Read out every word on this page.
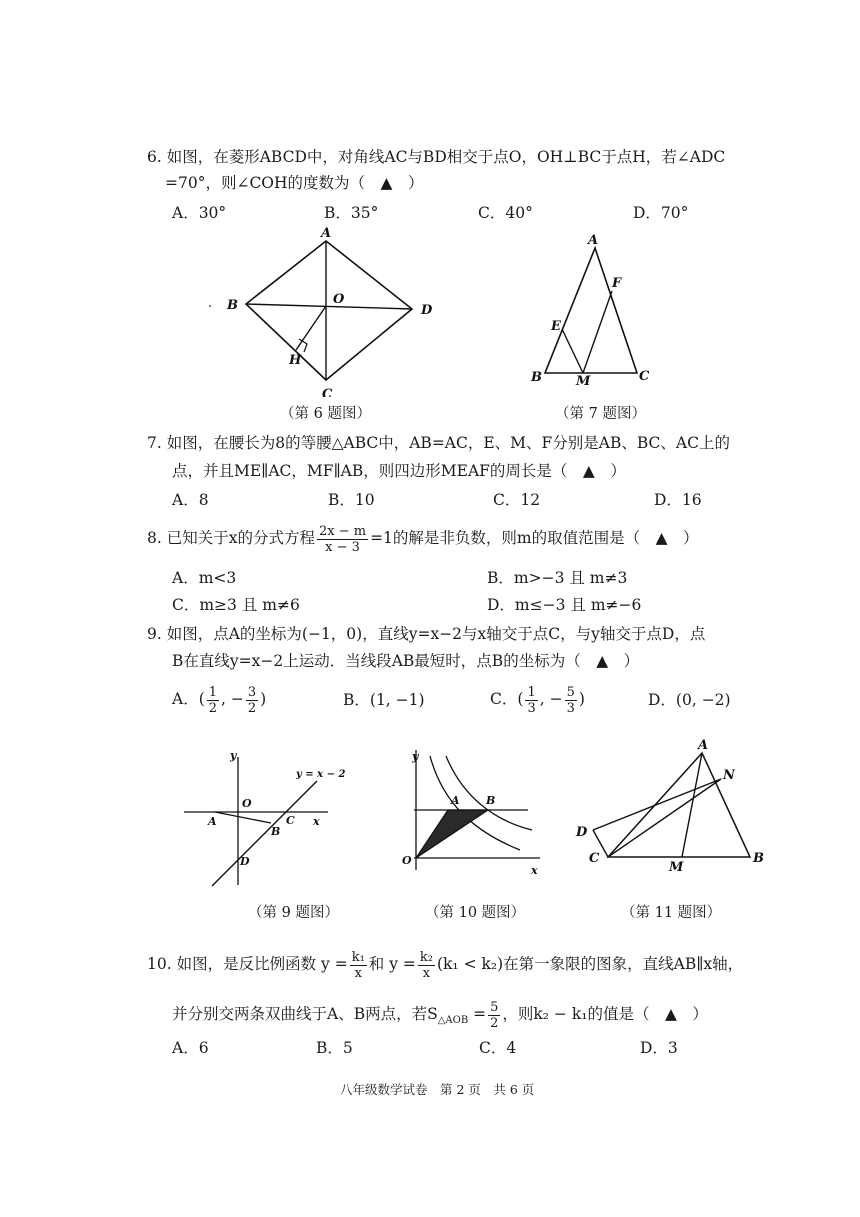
6. 如图，在菱形ABCD中，对角线AC与BD相交于点O，OH⊥BC于点H，若∠ADC
=70°，则∠COH的度数为（　▲　）
A．30°	B．35°	C．40°	D．70°
A
B
C
D
O
H
（第 6 题图）
A
B	C
E
F
M
（第 7 题图）
7. 如图，在腰长为8的等腰△ABC中，AB=AC，E、M、F分别是AB、BC、AC上的
点，并且ME∥AC，MF∥AB，则四边形MEAF的周长是（　▲　）
A．8	B．10	C．12	D．16
8. 已知关于x的分式方程 $\frac{2x - m}{x - 3} =1$的解是非负数，则m的取值范围是（　▲　）
A．m<3	B．m>−3 且 m≠3
C．m≥3 且 m≠6	D．m≤−3 且 m≠−6
9. 如图，点A的坐标为(−1，0)，直线y=x−2与x轴交于点C，与y轴交于点D，点
B在直线y=x−2上运动．当线段AB最短时，点B的坐标为（　▲　）
A．( $\frac{1}{2}$ , − $\frac{3}{2}$ )	B．(1, −1)	C．( $\frac{1}{3}$ , − $\frac{5}{3}$ )	D．(0, −2)
y
O
x
A
B
C
D
y = x − 2
（第 9 题图）
y
A B
O
x
（第 10 题图）
A
N
D
C
M
B
（第 11 题图）
10. 如图，是反比例函数 $y = \frac{\text{k₁}}{x}$ 和 $y = \frac{\text{k₂}}{x} (k_1 < k_2)$在第一象限的图象，直线AB∥x轴，
并分别交两条双曲线于A、B两点，若$S_{\triangle AOB} = \frac{5}{2}$ ，则k₂ − k₁的值是（　▲　）
A．6	B．5	C．4	D．3
八年级数学试卷　第 2 页　共 6 页
